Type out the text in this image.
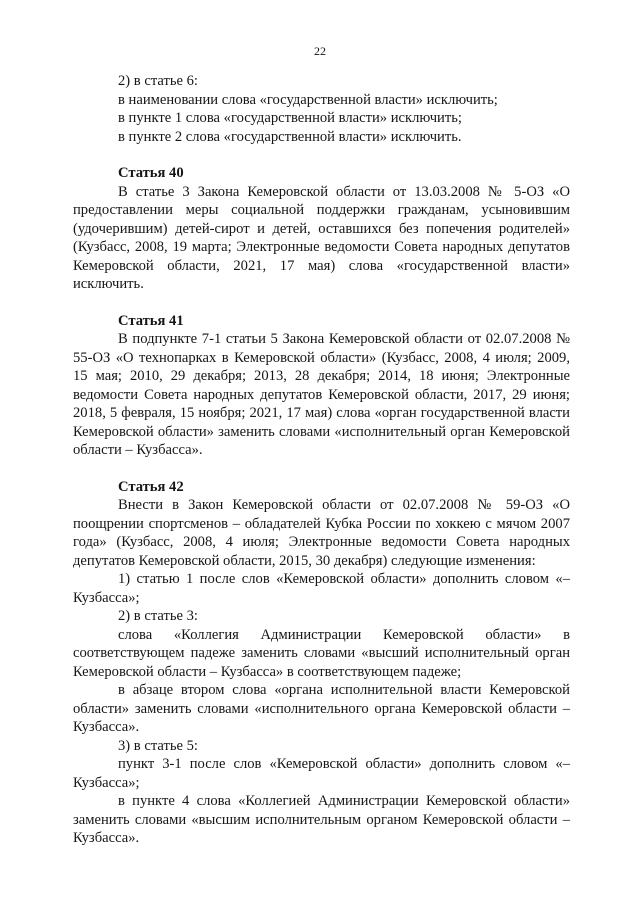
22

2) в статье 6:

в наименовании слова «государственной власти» исключить;

в пункте 1 слова «государственной власти» исключить;

в пункте 2 слова «государственной власти» исключить.

Статья 40

В статье 3 Закона Кемеровской области от 13.03.2008 № 5-ОЗ «О предоставлении меры социальной поддержки гражданам, усыновившим (удочерившим) детей-сирот и детей, оставшихся без попечения родителей» (Кузбасс, 2008, 19 марта; Электронные ведомости Совета народных депутатов Кемеровской области, 2021, 17 мая) слова «государственной власти» исключить.

Статья 41

В подпункте 7-1 статьи 5 Закона Кемеровской области от 02.07.2008 № 55-ОЗ «О технопарках в Кемеровской области» (Кузбасс, 2008, 4 июля; 2009, 15 мая; 2010, 29 декабря; 2013, 28 декабря; 2014, 18 июня; Электронные ведомости Совета народных депутатов Кемеровской области, 2017, 29 июня; 2018, 5 февраля, 15 ноября; 2021, 17 мая) слова «орган государственной власти Кемеровской области» заменить словами «исполнительный орган Кемеровской области – Кузбасса».

Статья 42

Внести в Закон Кемеровской области от 02.07.2008 № 59-ОЗ «О поощрении спортсменов – обладателей Кубка России по хоккею с мячом 2007 года» (Кузбасс, 2008, 4 июля; Электронные ведомости Совета народных депутатов Кемеровской области, 2015, 30 декабря) следующие изменения:

1) статью 1 после слов «Кемеровской области» дополнить словом «– Кузбасса»;

2) в статье 3:

слова «Коллегия Администрации Кемеровской области» в соответствующем падеже заменить словами «высший исполнительный орган Кемеровской области – Кузбасса» в соответствующем падеже;

в абзаце втором слова «органа исполнительной власти Кемеровской области» заменить словами «исполнительного органа Кемеровской области – Кузбасса».

3) в статье 5:

пункт 3-1 после слов «Кемеровской области» дополнить словом «– Кузбасса»;

в пункте 4 слова «Коллегией Администрации Кемеровской области» заменить словами «высшим исполнительным органом Кемеровской области – Кузбасса».
